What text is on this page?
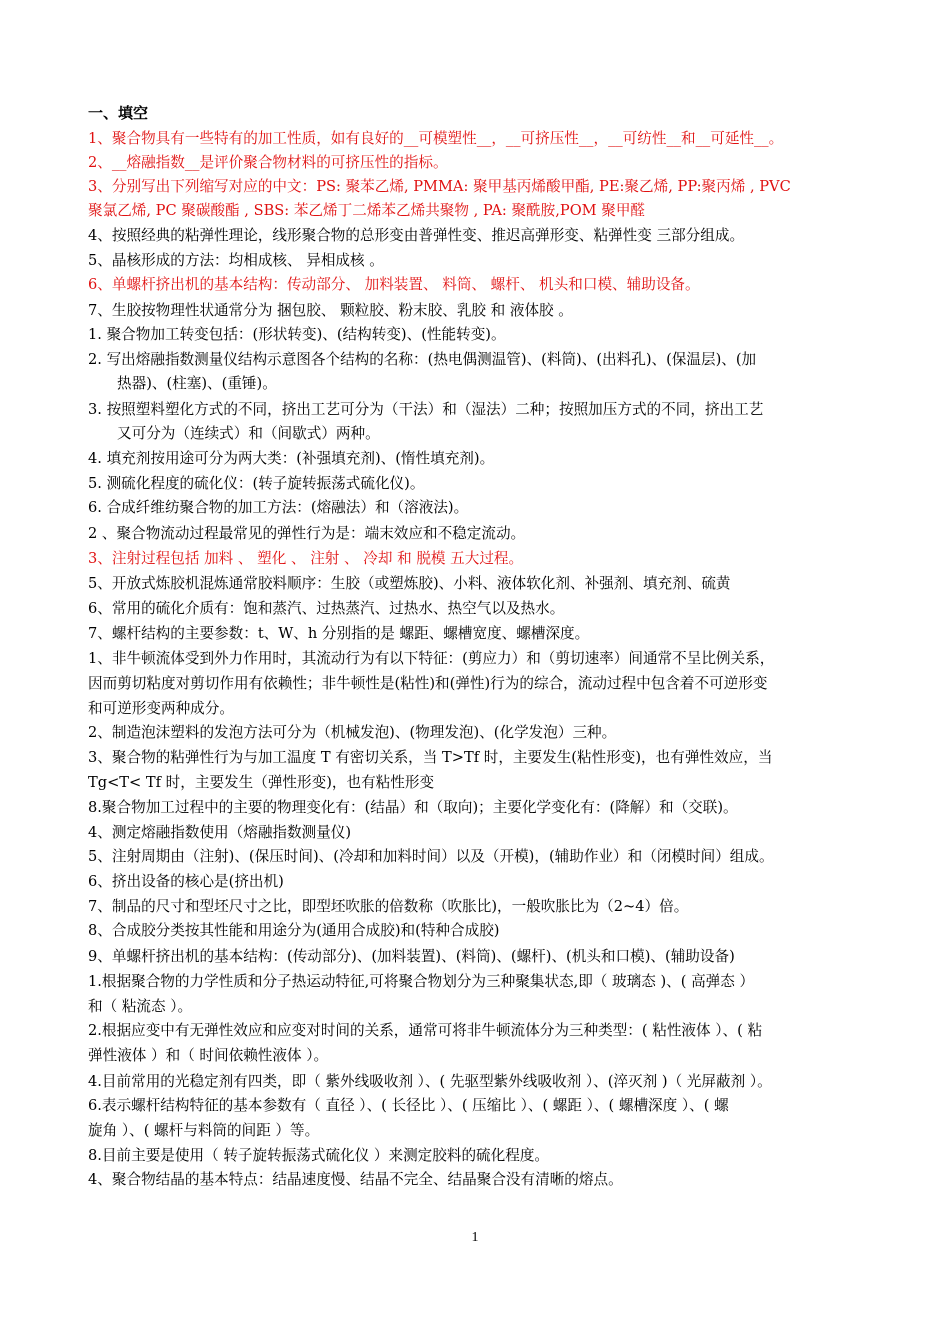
一、填空
1、聚合物具有一些特有的加工性质，如有良好的__可模塑性__，__可挤压性__，__可纺性__和__可延性__。
2、__熔融指数__是评价聚合物材料的可挤压性的指标。
3、分别写出下列缩写对应的中文：PS: 聚苯乙烯, PMMA: 聚甲基丙烯酸甲酯, PE:聚乙烯, PP:聚丙烯 , PVC
聚氯乙烯, PC 聚碳酸酯 , SBS: 苯乙烯丁二烯苯乙烯共聚物 , PA: 聚酰胺,POM 聚甲醛
4、按照经典的粘弹性理论，线形聚合物的总形变由普弹性变、推迟高弹形变、粘弹性变 三部分组成。
5、晶核形成的方法：均相成核、 异相成核 。
6、单螺杆挤出机的基本结构：传动部分、 加料装置、 料筒、 螺杆、 机头和口模、辅助设备。
7、生胶按物理性状通常分为 捆包胶、 颗粒胶、粉末胶、乳胶 和 液体胶 。
1. 聚合物加工转变包括：(形状转变)、(结构转变)、(性能转变)。
2. 写出熔融指数测量仪结构示意图各个结构的名称：(热电偶测温管)、(料筒)、(出料孔)、(保温层)、(加
热器)、(柱塞)、(重锤)。
3. 按照塑料塑化方式的不同，挤出工艺可分为（干法）和（湿法）二种；按照加压方式的不同，挤出工艺
又可分为（连续式）和（间歇式）两种。
4. 填充剂按用途可分为两大类：(补强填充剂)、(惰性填充剂)。
5. 测硫化程度的硫化仪：(转子旋转振荡式硫化仪)。
6. 合成纤维纺聚合物的加工方法：(熔融法）和（溶液法)。
2 、聚合物流动过程最常见的弹性行为是：端末效应和不稳定流动。
3、注射过程包括 加料 、 塑化 、 注射 、 冷却 和 脱模 五大过程。
5、开放式炼胶机混炼通常胶料顺序：生胶（或塑炼胶)、小料、液体软化剂、补强剂、填充剂、硫黄
6、常用的硫化介质有：饱和蒸汽、过热蒸汽、过热水、热空气以及热水。
7、螺杆结构的主要参数：t、W、h 分别指的是 螺距、螺槽宽度、螺槽深度。
1、非牛顿流体受到外力作用时，其流动行为有以下特征：(剪应力）和（剪切速率）间通常不呈比例关系，
因而剪切粘度对剪切作用有依赖性；非牛顿性是(粘性)和(弹性)行为的综合，流动过程中包含着不可逆形变
和可逆形变两种成分。
2、制造泡沫塑料的发泡方法可分为（机械发泡)、(物理发泡)、(化学发泡）三种。
3、聚合物的粘弹性行为与加工温度 T 有密切关系，当 T>Tf 时，主要发生(粘性形变)，也有弹性效应，当
Tg<T< Tf 时，主要发生（弹性形变)，也有粘性形变
8.聚合物加工过程中的主要的物理变化有：(结晶）和（取向)；主要化学变化有：(降解）和（交联)。
4、测定熔融指数使用（熔融指数测量仪)
5、注射周期由（注射)、(保压时间)、(冷却和加料时间）以及（开模)，(辅助作业）和（闭模时间）组成。
6、挤出设备的核心是(挤出机)
7、制品的尺寸和型坯尺寸之比，即型坯吹胀的倍数称（吹胀比)，一般吹胀比为（2~4）倍。
8、合成胶分类按其性能和用途分为(通用合成胶)和(特种合成胶)
9、单螺杆挤出机的基本结构：(传动部分)、(加料装置)、(料筒)、(螺杆)、(机头和口模)、(辅助设备)
1.根据聚合物的力学性质和分子热运动特征,可将聚合物划分为三种聚集状态,即（ 玻璃态 )、( 高弹态 ）
和（ 粘流态 ）。
2.根据应变中有无弹性效应和应变对时间的关系，通常可将非牛顿流体分为三种类型：( 粘性液体 ）、( 粘
弹性液体 ）和（ 时间依赖性液体 ）。
4.目前常用的光稳定剂有四类，即（ 紫外线吸收剂 ）、( 先驱型紫外线吸收剂 ）、(淬灭剂 )（ 光屏蔽剂 ）。
6.表示螺杆结构特征的基本参数有（ 直径 ）、( 长径比 ）、( 压缩比 ）、( 螺距 ）、( 螺槽深度 ）、( 螺
旋角 ）、( 螺杆与料筒的间距 ）等。
8.目前主要是使用（ 转子旋转振荡式硫化仪 ）来测定胶料的硫化程度。
4、聚合物结晶的基本特点：结晶速度慢、结晶不完全、结晶聚合没有清晰的熔点。
1
